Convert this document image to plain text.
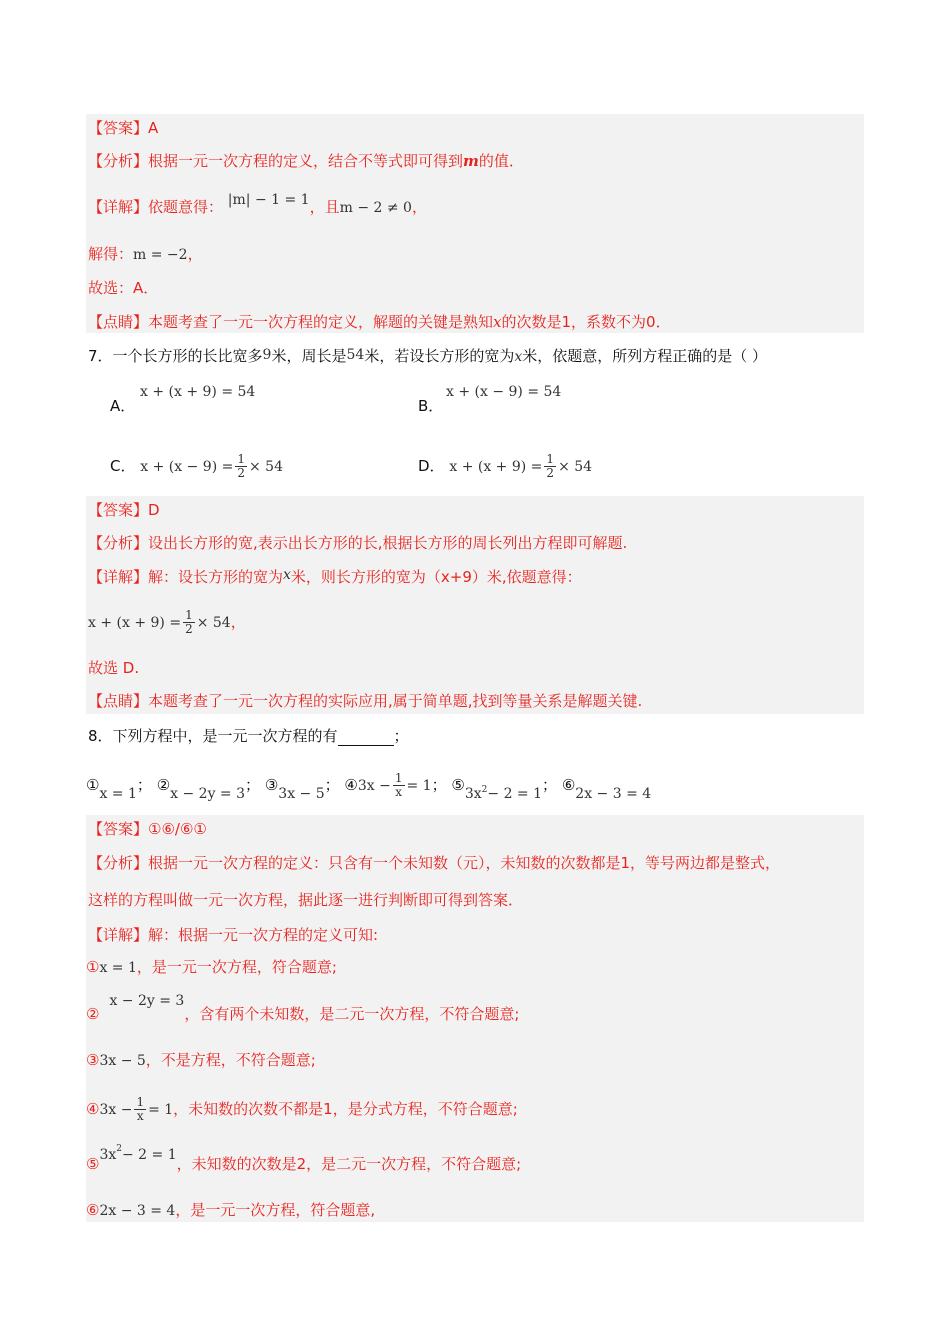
【答案】A
【分析】根据一元一次方程的定义，结合不等式即可得到m的值．
【详解】依题意得： |m| − 1 = 1，且m − 2 ≠ 0，
解得：m = −2，
故选：A．
【点睛】本题考查了一元一次方程的定义，解题的关键是熟知x的次数是1，系数不为0．
7．一个长方形的长比宽多9米，周长是54米，若设长方形的宽为x米，依题意，所列方程正确的是（ ）
A．
x + (x + 9) = 54
B．
x + (x − 9) = 54
C． $x + (x - 9) = \frac{1}{2} \times 54$	D． $x + (x + 9) = \frac{1}{2} \times 54$
【答案】D
【分析】设出长方形的宽,表示出长方形的长,根据长方形的周长列出方程即可解题.
【详解】解：设长方形的宽为x米，则长方形的宽为（x+9）米,依题意得：
$x + (x + 9) = \frac{1}{2} \times 54$，
故选 D.
【点睛】本题考查了一元一次方程的实际应用,属于简单题,找到等量关系是解题关键.
8．下列方程中，是一元一次方程的有	；
①x = 1； ②x − 2y = 3； ③3x − 5； ④3x − $\frac{1}{x} = 1$； ⑤3x2− 2 = 1； ⑥2x − 3 = 4
【答案】①⑥/⑥①
【分析】根据一元一次方程的定义：只含有一个未知数（元），未知数的次数都是1，等号两边都是整式，
这样的方程叫做一元一次方程，据此逐一进行判断即可得到答案．
【详解】解：根据一元一次方程的定义可知:
①x = 1，是一元一次方程，符合题意;
②x − 2y = 3，含有两个未知数，是二元一次方程，不符合题意;
③3x − 5，不是方程，不符合题意;
④3x − $\frac{1}{x} = 1$，未知数的次数不都是1，是分式方程，不符合题意;
$⑤3x^2- 2 = 1$，未知数的次数是2，是二元一次方程，不符合题意;
⑥2x − 3 = 4，是一元一次方程，符合题意,
